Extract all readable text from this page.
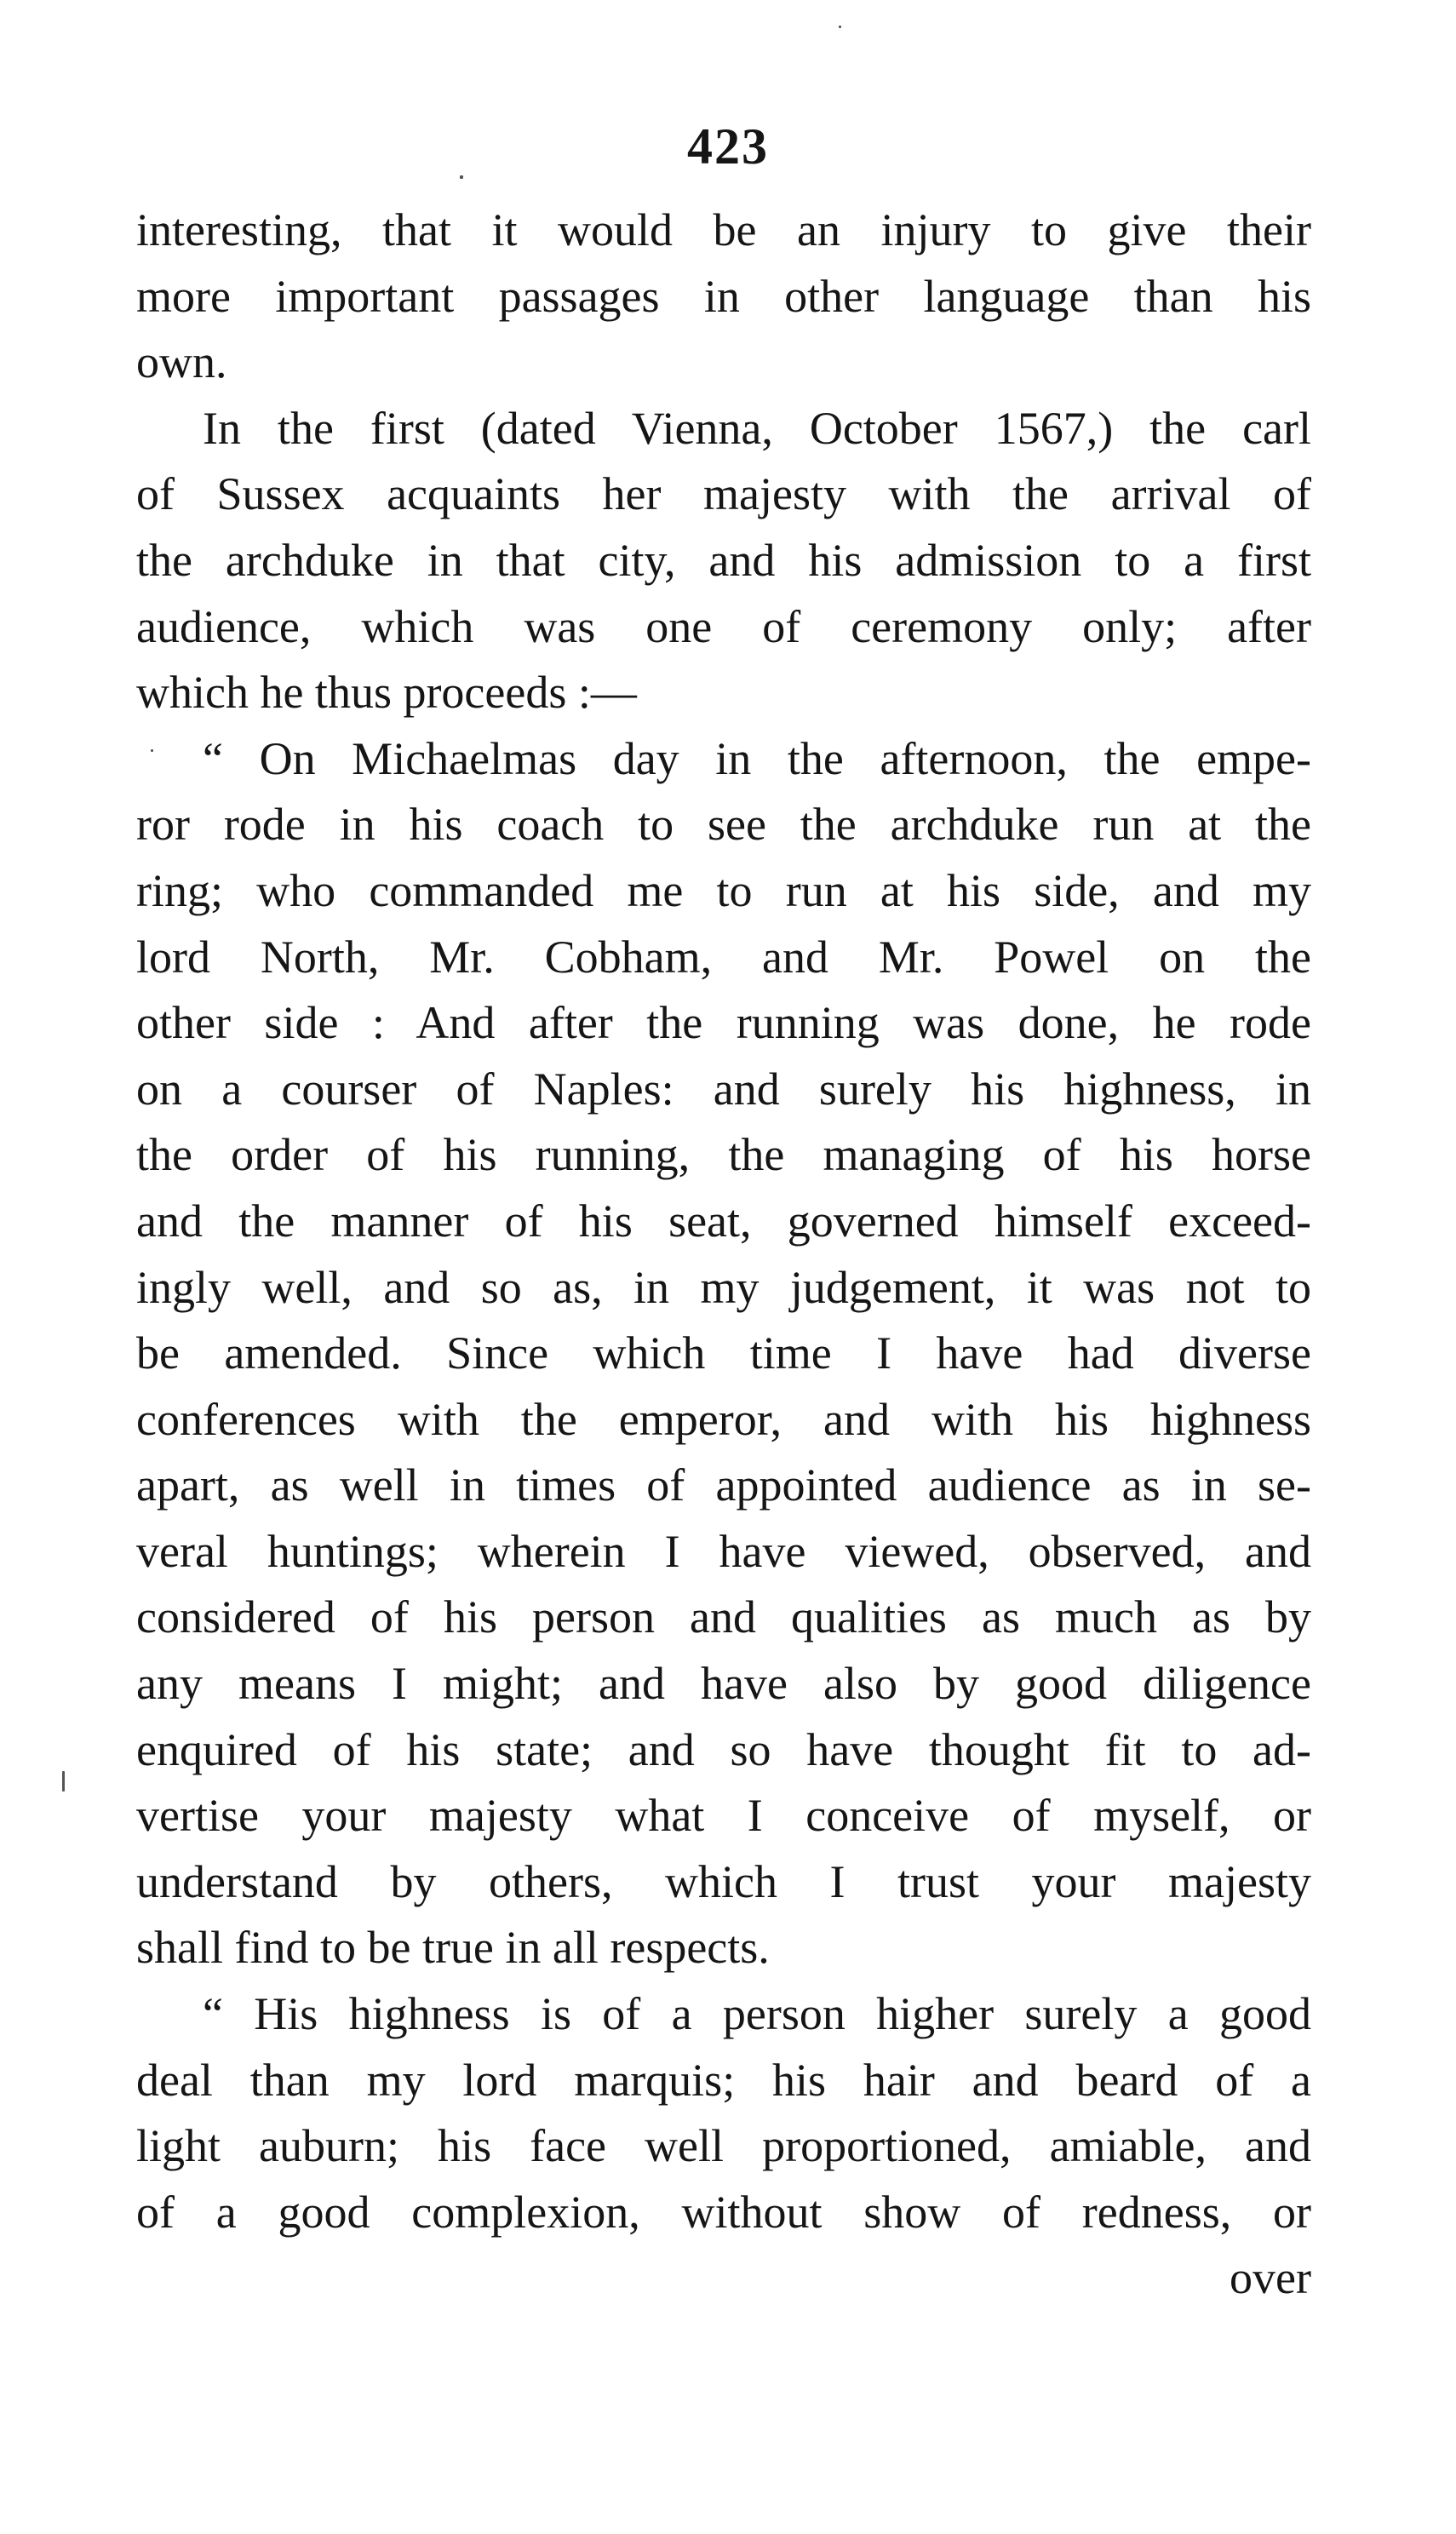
423
interesting, that it would be an injury to give their
more important passages in other language than his
own.
In the first (dated Vienna, October 1567,) the carl
of Sussex acquaints her majesty with the arrival of
the archduke in that city, and his admission to a first
audience, which was one of ceremony only; after
which he thus proceeds :—
“ On Michaelmas day in the afternoon, the empe-
ror rode in his coach to see the archduke run at the
ring; who commanded me to run at his side, and my
lord North, Mr. Cobham, and Mr. Powel on the
other side : And after the running was done, he rode
on a courser of Naples: and surely his highness, in
the order of his running, the managing of his horse
and the manner of his seat, governed himself exceed-
ingly well, and so as, in my judgement, it was not to
be amended. Since which time I have had diverse
conferences with the emperor, and with his highness
apart, as well in times of appointed audience as in se-
veral huntings; wherein I have viewed, observed, and
considered of his person and qualities as much as by
any means I might; and have also by good diligence
enquired of his state; and so have thought fit to ad-
vertise your majesty what I conceive of myself, or
understand by others, which I trust your majesty
shall find to be true in all respects.
“ His highness is of a person higher surely a good
deal than my lord marquis; his hair and beard of a
light auburn; his face well proportioned, amiable, and
of a good complexion, without show of redness, or
over
